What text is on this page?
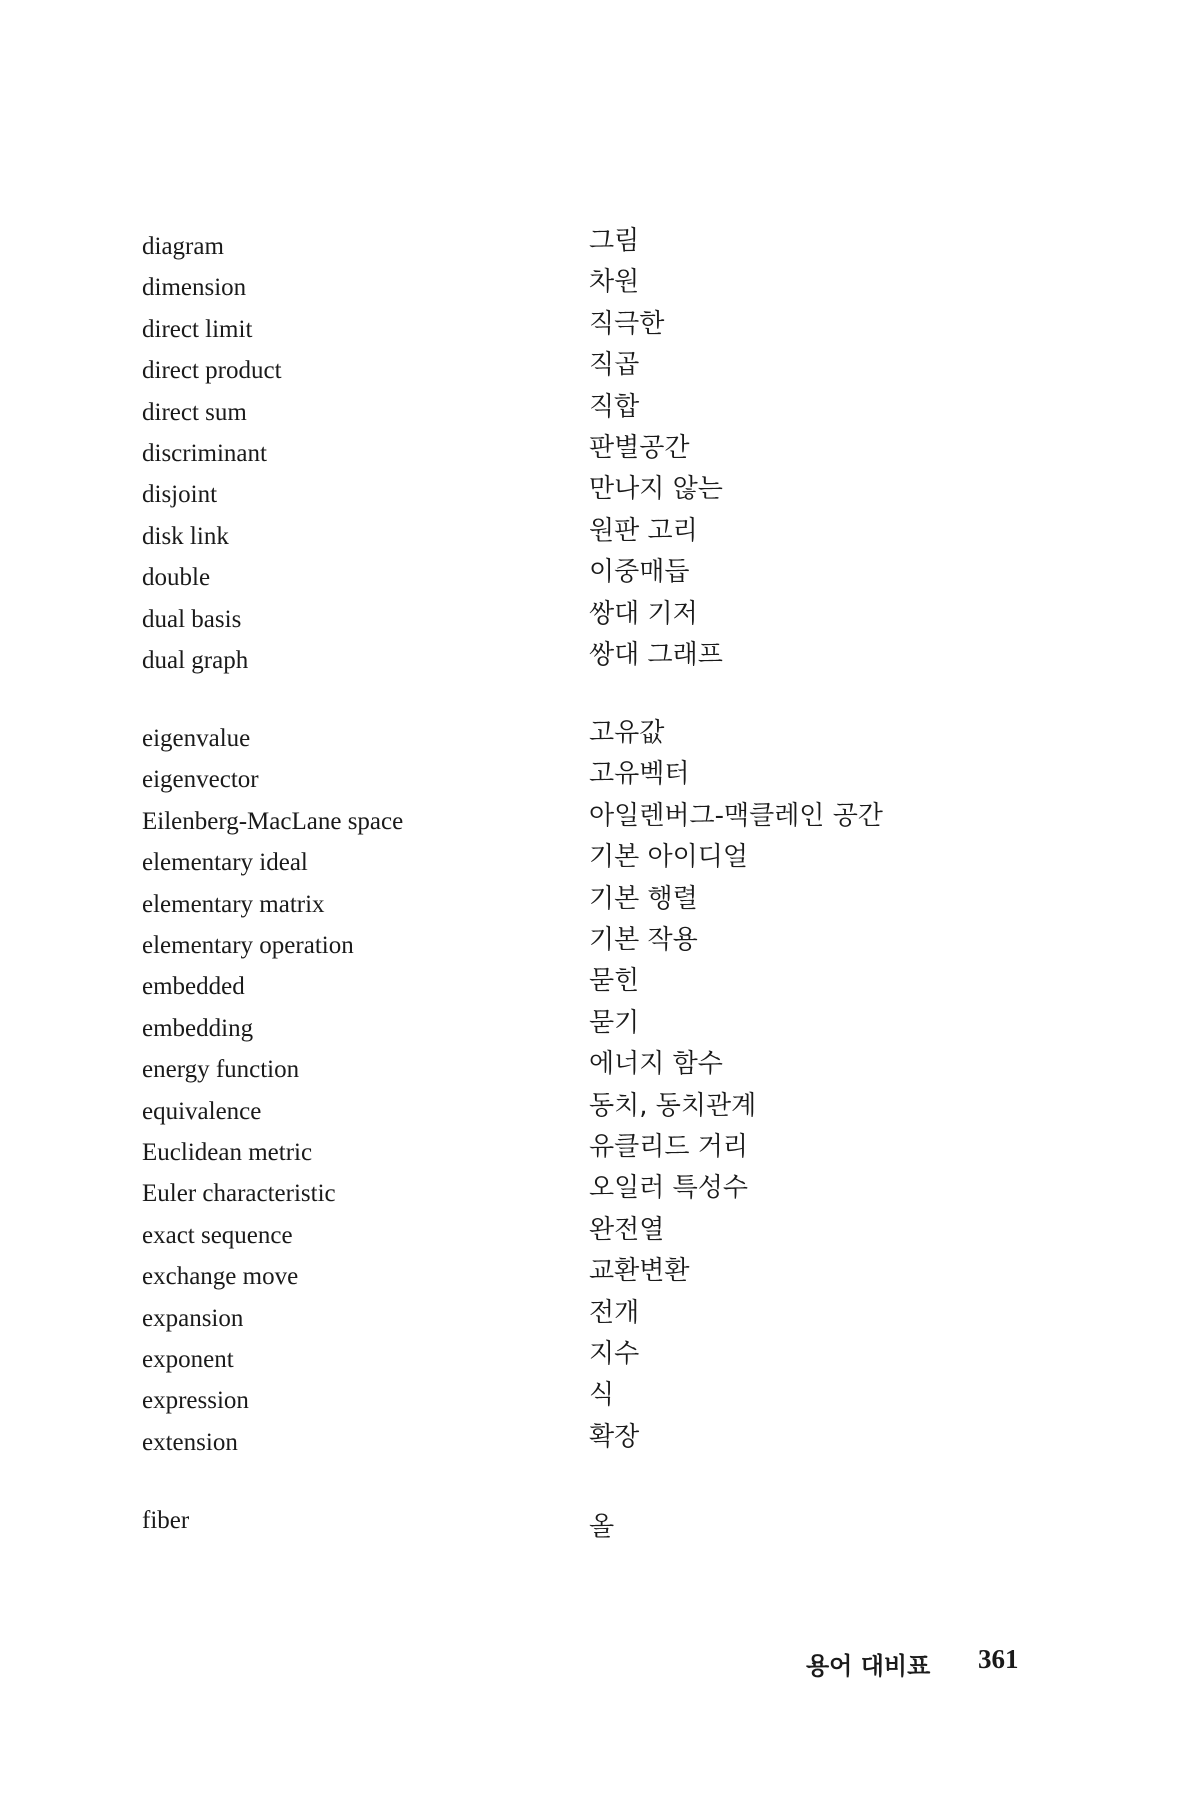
diagram	그림
dimension	차원
direct limit	직극한
direct product	직곱
direct sum	직합
discriminant	판별공간
disjoint	만나지 않는
disk link	원판 고리
double	이중매듭
dual basis	쌍대 기저
dual graph	쌍대 그래프
eigenvalue	고유값
eigenvector	고유벡터
Eilenberg-MacLane space	아일렌버그-맥클레인 공간
elementary ideal	기본 아이디얼
elementary matrix	기본 행렬
elementary operation	기본 작용
embedded	묻힌
embedding	묻기
energy function	에너지 함수
equivalence	동치, 동치관계
Euclidean metric	유클리드 거리
Euler characteristic	오일러 특성수
exact sequence	완전열
exchange move	교환변환
expansion	전개
exponent	지수
expression	식
extension	확장
fiber	올
용어 대비표 361
